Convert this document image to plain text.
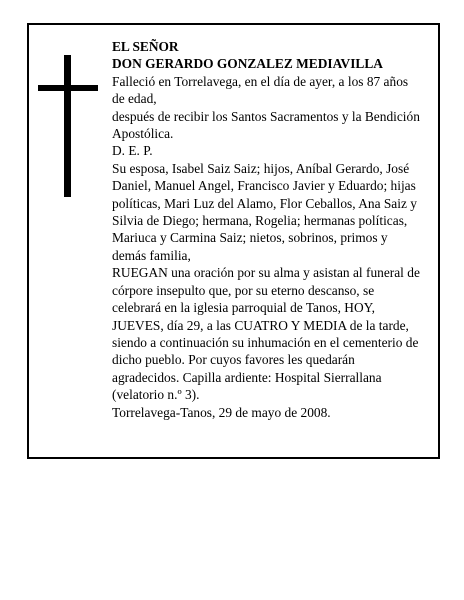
EL SEÑOR

DON GERARDO GONZALEZ MEDIAVILLA

Falleció en Torrelavega, en el día de ayer, a los 87 años de edad,

después de recibir los Santos Sacramentos y la Bendición Apostólica.

D. E. P.

Su esposa, Isabel Saiz Saiz; hijos, Aníbal Gerardo, José Daniel, Manuel Angel, Francisco Javier y Eduardo; hijas políticas, Mari Luz del Alamo, Flor Ceballos, Ana Saiz y Silvia de Diego; hermana, Rogelia; hermanas políticas, Mariuca y Carmina Saiz; nietos, sobrinos, primos y demás familia,

RUEGAN una oración por su alma y asistan al funeral de córpore insepulto que, por su eterno descanso, se celebrará en la iglesia parroquial de Tanos, HOY, JUEVES, día 29, a las CUATRO Y MEDIA de la tarde, siendo a continuación su inhumación en el cementerio de dicho pueblo. Por cuyos favores les quedarán agradecidos. Capilla ardiente: Hospital Sierrallana (velatorio n.º 3).

Torrelavega-Tanos, 29 de mayo de 2008.
